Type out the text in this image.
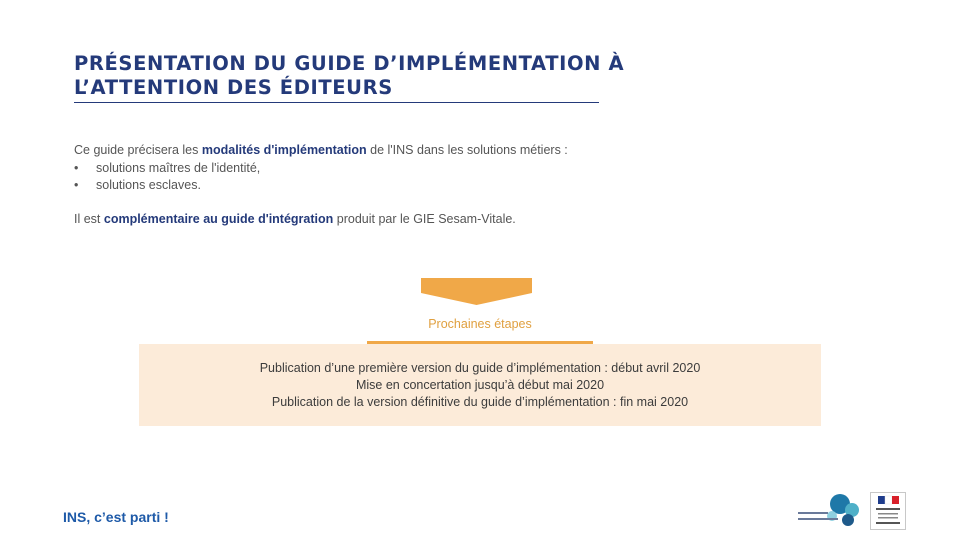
PRÉSENTATION DU GUIDE D’IMPLÉMENTATION À
L’ATTENTION DES ÉDITEURS

Ce guide précisera les modalités d'implémentation de l'INS dans les solutions métiers :

•	solutions maîtres de l'identité,
•	solutions esclaves.

Il est complémentaire au guide d'intégration produit par le GIE Sesam-Vitale.

Prochaines étapes
Publication d’une première version du guide d’implémentation : début avril 2020
Mise en concertation jusqu’à début mai 2020
Publication de la version définitive du guide d’implémentation : fin mai 2020
INS, c’est parti !
